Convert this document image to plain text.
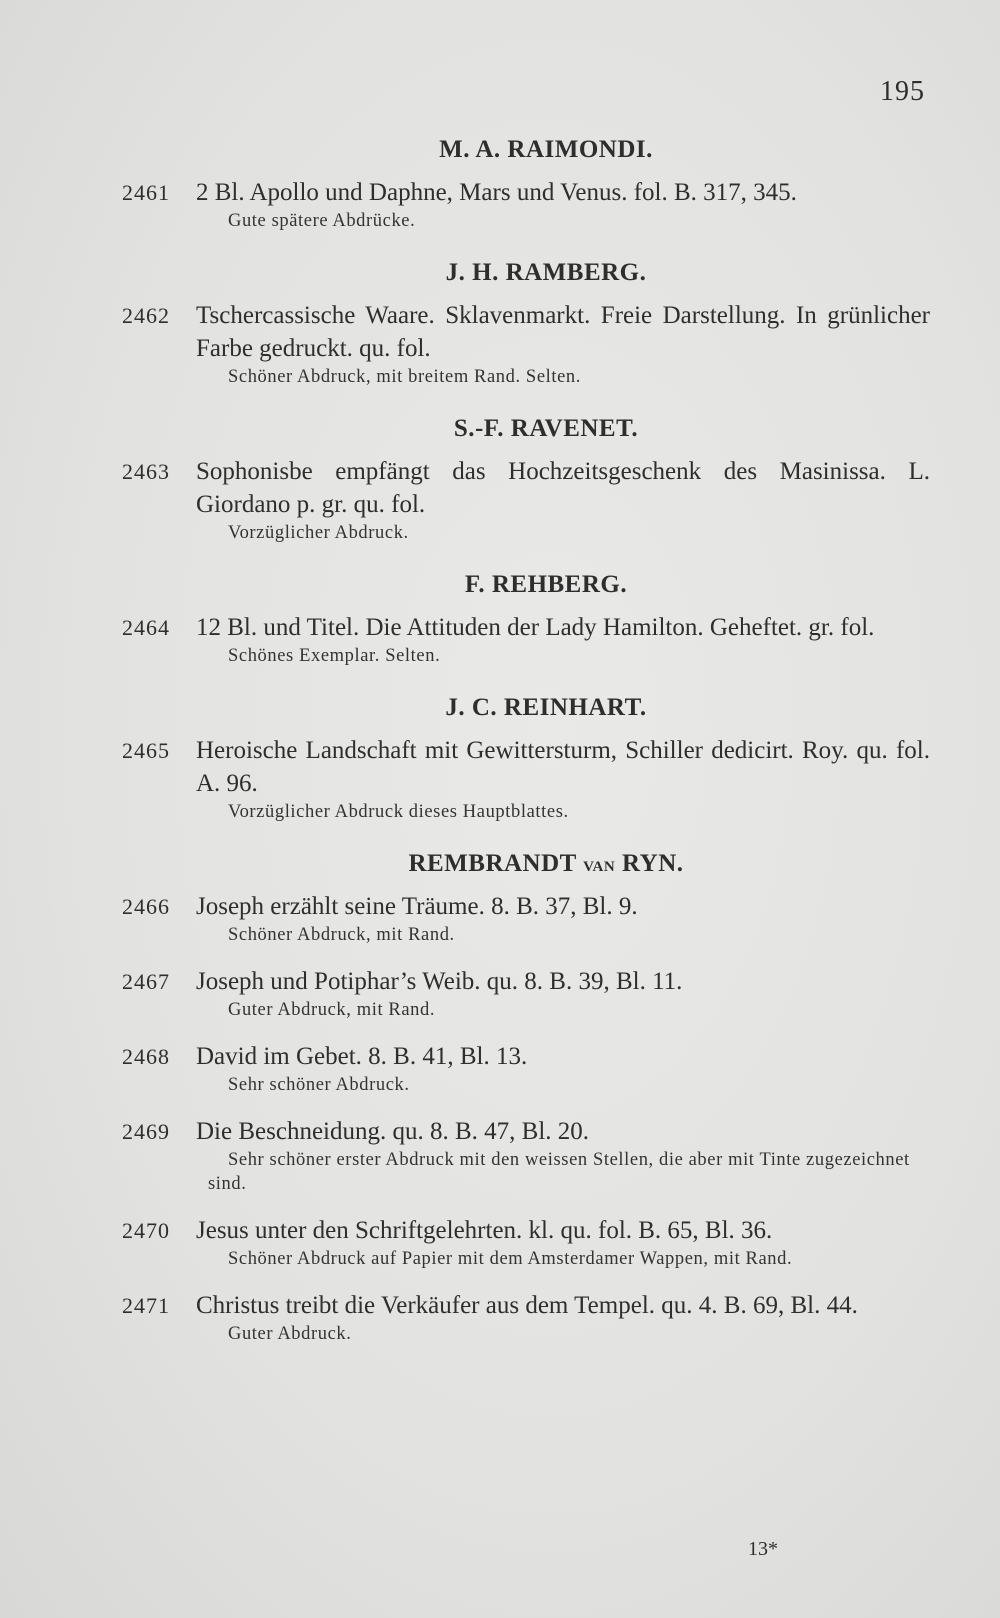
195
M. A. RAIMONDI.
2461	2 Bl. Apollo und Daphne, Mars und Venus. fol. B. 317, 345.
Gute spätere Abdrücke.
J. H. RAMBERG.
2462	Tschercassische Waare. Sklavenmarkt. Freie Darstellung. In grünlicher Farbe gedruckt. qu. fol.
Schöner Abdruck, mit breitem Rand. Selten.
S.-F. RAVENET.
2463	Sophonisbe empfängt das Hochzeitsgeschenk des Masinissa. L. Giordano p. gr. qu. fol.
Vorzüglicher Abdruck.
F. REHBERG.
2464	12 Bl. und Titel. Die Attituden der Lady Hamilton. Geheftet. gr. fol.
Schönes Exemplar. Selten.
J. C. REINHART.
2465	Heroische Landschaft mit Gewittersturm, Schiller dedicirt. Roy. qu. fol. A. 96.
Vorzüglicher Abdruck dieses Hauptblattes.
REMBRANDT van RYN.
2466	Joseph erzählt seine Träume. 8. B. 37, Bl. 9.
Schöner Abdruck, mit Rand.
2467	Joseph und Potiphar’s Weib. qu. 8. B. 39, Bl. 11.
Guter Abdruck, mit Rand.
2468	David im Gebet. 8. B. 41, Bl. 13.
Sehr schöner Abdruck.
2469	Die Beschneidung. qu. 8. B. 47, Bl. 20.
Sehr schöner erster Abdruck mit den weissen Stellen, die aber mit Tinte zugezeichnet sind.
2470	Jesus unter den Schriftgelehrten. kl. qu. fol. B. 65, Bl. 36.
Schöner Abdruck auf Papier mit dem Amsterdamer Wappen, mit Rand.
2471	Christus treibt die Verkäufer aus dem Tempel. qu. 4. B. 69, Bl. 44.
Guter Abdruck.
13*
